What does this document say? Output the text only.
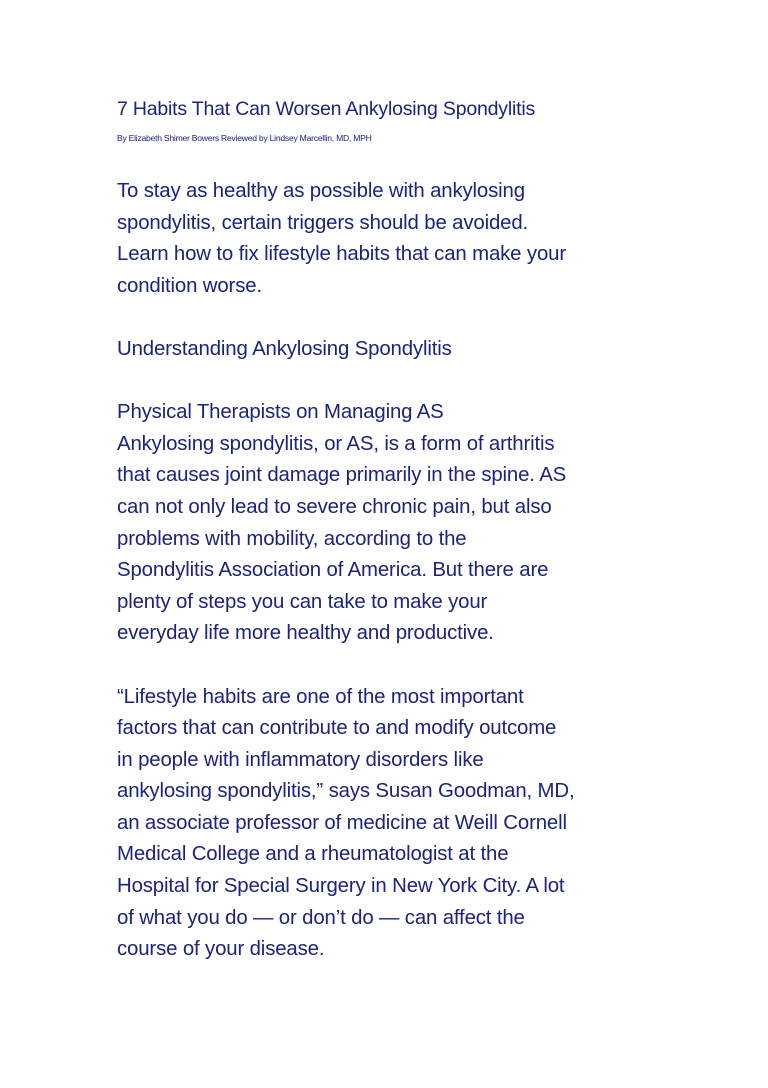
7 Habits That Can Worsen Ankylosing Spondylitis

By Elizabeth Shimer Bowers Reviewed by Lindsey Marcellin, MD, MPH

To stay as healthy as possible with ankylosing

spondylitis, certain triggers should be avoided.

Learn how to fix lifestyle habits that can make your

condition worse.

Understanding Ankylosing Spondylitis

Physical Therapists on Managing AS

Ankylosing spondylitis, or AS, is a form of arthritis

that causes joint damage primarily in the spine. AS

can not only lead to severe chronic pain, but also

problems with mobility, according to the

Spondylitis Association of America. But there are

plenty of steps you can take to make your

everyday life more healthy and productive.

“Lifestyle habits are one of the most important

factors that can contribute to and modify outcome

in people with inflammatory disorders like

ankylosing spondylitis,” says Susan Goodman, MD,

an associate professor of medicine at Weill Cornell

Medical College and a rheumatologist at the

Hospital for Special Surgery in New York City. A lot

of what you do — or don’t do — can affect the

course of your disease.
